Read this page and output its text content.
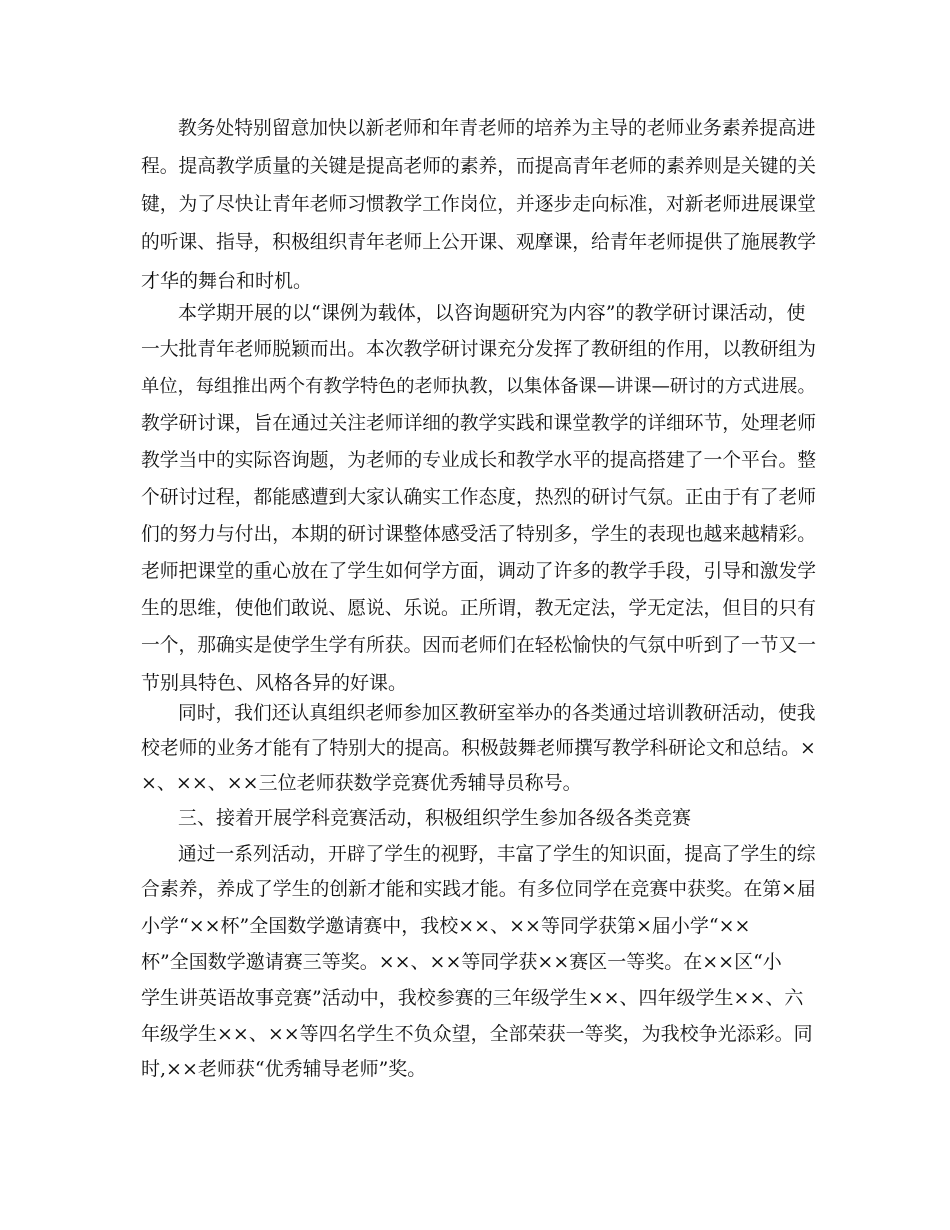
教务处特别留意加快以新老师和年青老师的培养为主导的老师业务素养提高进

程。提高教学质量的关键是提高老师的素养，而提高青年老师的素养则是关键的关

键，为了尽快让青年老师习惯教学工作岗位，并逐步走向标准，对新老师进展课堂

的听课、指导，积极组织青年老师上公开课、观摩课，给青年老师提供了施展教学

才华的舞台和时机。

本学期开展的以“课例为载体，以咨询题研究为内容”的教学研讨课活动，使

一大批青年老师脱颖而出。本次教学研讨课充分发挥了教研组的作用，以教研组为

单位，每组推出两个有教学特色的老师执教，以集体备课—讲课—研讨的方式进展。

教学研讨课，旨在通过关注老师详细的教学实践和课堂教学的详细环节，处理老师

教学当中的实际咨询题，为老师的专业成长和教学水平的提高搭建了一个平台。整

个研讨过程，都能感遭到大家认确实工作态度，热烈的研讨气氛。正由于有了老师

们的努力与付出，本期的研讨课整体感受活了特别多，学生的表现也越来越精彩。

老师把课堂的重心放在了学生如何学方面，调动了许多的教学手段，引导和激发学

生的思维，使他们敢说、愿说、乐说。正所谓，教无定法，学无定法，但目的只有

一个，那确实是使学生学有所获。因而老师们在轻松愉快的气氛中听到了一节又一

节别具特色、风格各异的好课。

同时，我们还认真组织老师参加区教研室举办的各类通过培训教研活动，使我

校老师的业务才能有了特别大的提高。积极鼓舞老师撰写教学科研论文和总结。×

×、××、××三位老师获数学竞赛优秀辅导员称号。

三、接着开展学科竞赛活动，积极组织学生参加各级各类竞赛

通过一系列活动，开辟了学生的视野，丰富了学生的知识面，提高了学生的综

合素养，养成了学生的创新才能和实践才能。有多位同学在竞赛中获奖。在第×届

小学“××杯”全国数学邀请赛中，我校××、××等同学获第×届小学“××

杯”全国数学邀请赛三等奖。××、××等同学获××赛区一等奖。在××区“小

学生讲英语故事竞赛”活动中，我校参赛的三年级学生××、四年级学生××、六

年级学生××、××等四名学生不负众望，全部荣获一等奖，为我校争光添彩。同

时,××老师获“优秀辅导老师”奖。
